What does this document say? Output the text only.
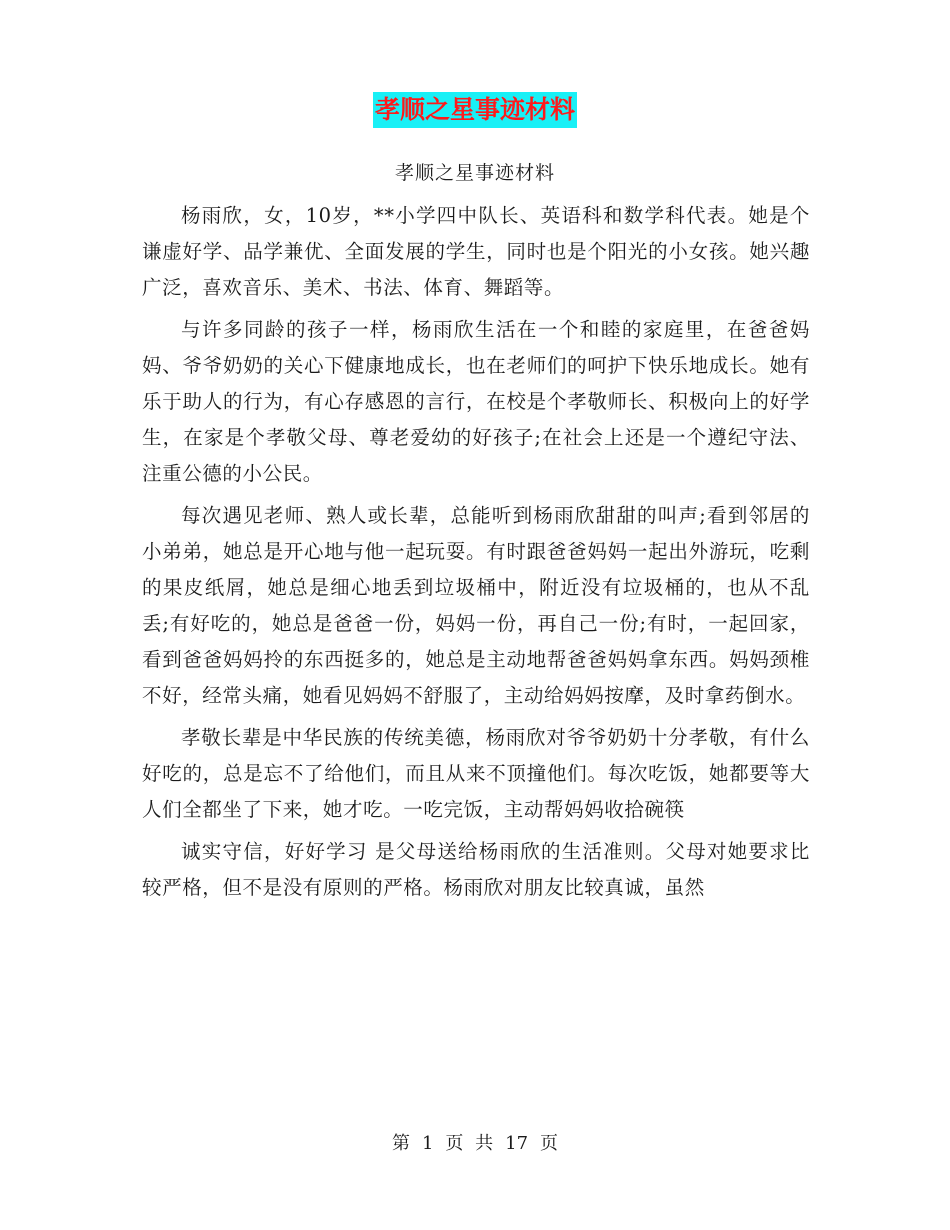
孝顺之星事迹材料
孝顺之星事迹材料

杨雨欣，女，10岁，**小学四中队长、英语科和数学科代表。她是个谦虚好学、品学兼优、全面发展的学生，同时也是个阳光的小女孩。她兴趣广泛，喜欢音乐、美术、书法、体育、舞蹈等。

与许多同龄的孩子一样，杨雨欣生活在一个和睦的家庭里，在爸爸妈妈、爷爷奶奶的关心下健康地成长，也在老师们的呵护下快乐地成长。她有乐于助人的行为，有心存感恩的言行，在校是个孝敬师长、积极向上的好学生，在家是个孝敬父母、尊老爱幼的好孩子;在社会上还是一个遵纪守法、注重公德的小公民。

每次遇见老师、熟人或长辈，总能听到杨雨欣甜甜的叫声;看到邻居的小弟弟，她总是开心地与他一起玩耍。有时跟爸爸妈妈一起出外游玩，吃剩的果皮纸屑，她总是细心地丢到垃圾桶中，附近没有垃圾桶的，也从不乱丢;有好吃的，她总是爸爸一份，妈妈一份，再自己一份;有时，一起回家，看到爸爸妈妈拎的东西挺多的，她总是主动地帮爸爸妈妈拿东西。妈妈颈椎不好，经常头痛，她看见妈妈不舒服了，主动给妈妈按摩，及时拿药倒水。

孝敬长辈是中华民族的传统美德，杨雨欣对爷爷奶奶十分孝敬，有什么好吃的，总是忘不了给他们，而且从来不顶撞他们。每次吃饭，她都要等大人们全都坐了下来，她才吃。一吃完饭，主动帮妈妈收拾碗筷

诚实守信，好好学习 是父母送给杨雨欣的生活准则。父母对她要求比较严格，但不是没有原则的严格。杨雨欣对朋友比较真诚，虽然

第 1 页 共 17 页
